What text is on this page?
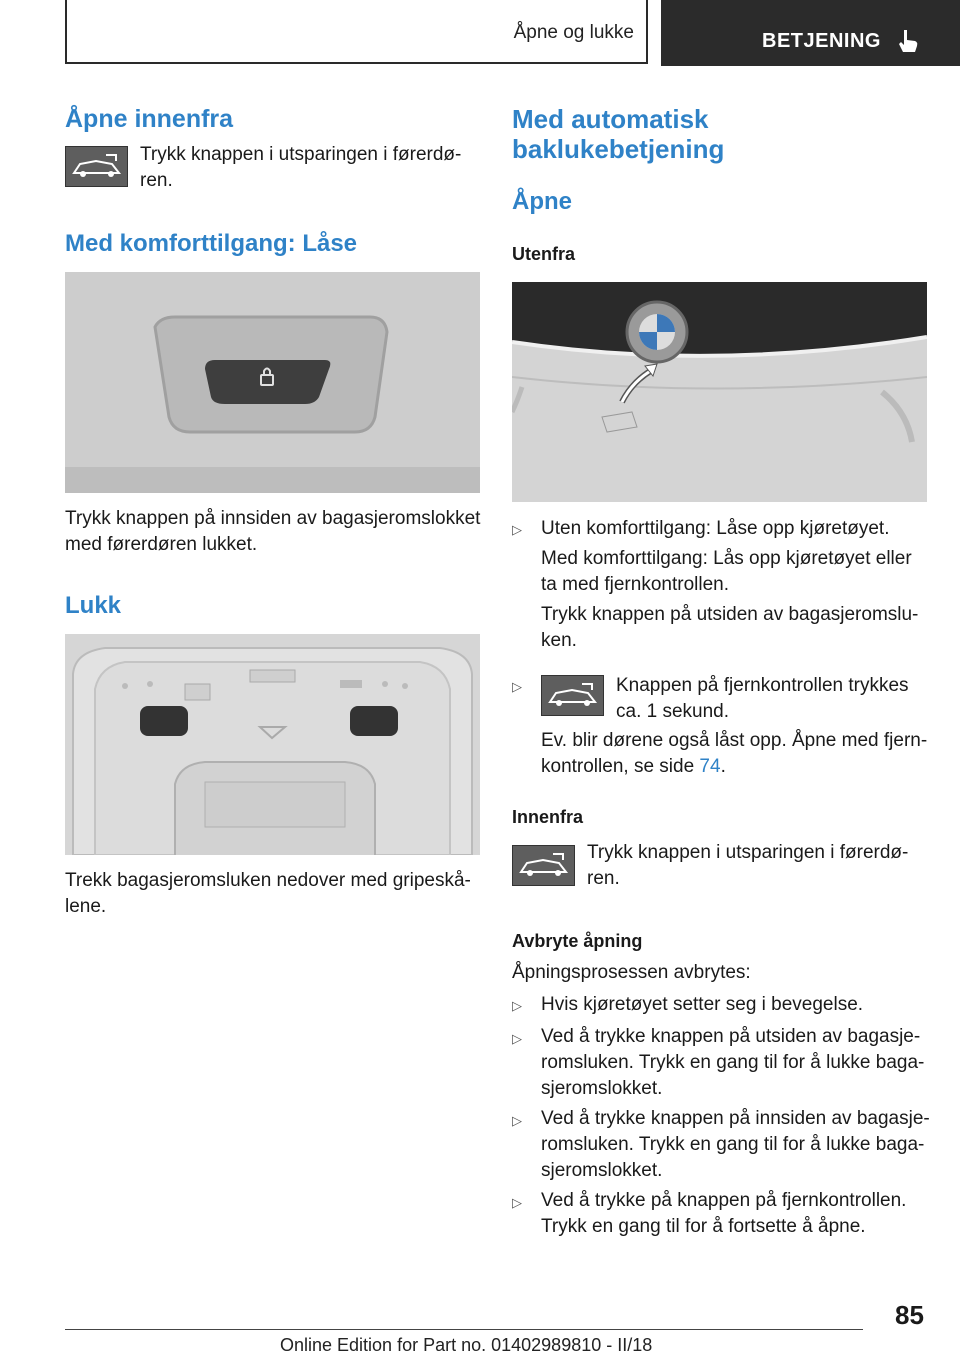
Åpne og lukke	BETJENING
Åpne innenfra
Trykk knappen i utsparingen i førerdø-
ren.
Med komforttilgang: Låse
Trykk knappen på innsiden av bagasjeromslokket
med førerdøren lukket.
Lukk
Trekk bagasjeromsluken nedover med gripeskå-
lene.
Med automatisk
baklukebetjening
Åpne
Utenfra
▷ Uten komforttilgang: Låse opp kjøretøyet.
Med komforttilgang: Lås opp kjøretøyet eller
ta med fjernkontrollen.
Trykk knappen på utsiden av bagasjeromslu-
ken.
▷	Knappen på fjernkontrollen trykkes
ca. 1 sekund.
Ev. blir dørene også låst opp. Åpne med fjern-
kontrollen, se side 74.
Innenfra
Trykk knappen i utsparingen i førerdø-
ren.
Avbryte åpning
Åpningsprosessen avbrytes:
▷ Hvis kjøretøyet setter seg i bevegelse.
▷ Ved å trykke knappen på utsiden av bagasje-
romsluken. Trykk en gang til for å lukke baga-
sjeromslokket.
▷ Ved å trykke knappen på innsiden av bagasje-
romsluken. Trykk en gang til for å lukke baga-
sjeromslokket.
▷ Ved å trykke på knappen på fjernkontrollen.
Trykk en gang til for å fortsette å åpne.
85
Online Edition for Part no. 01402989810 - II/18
